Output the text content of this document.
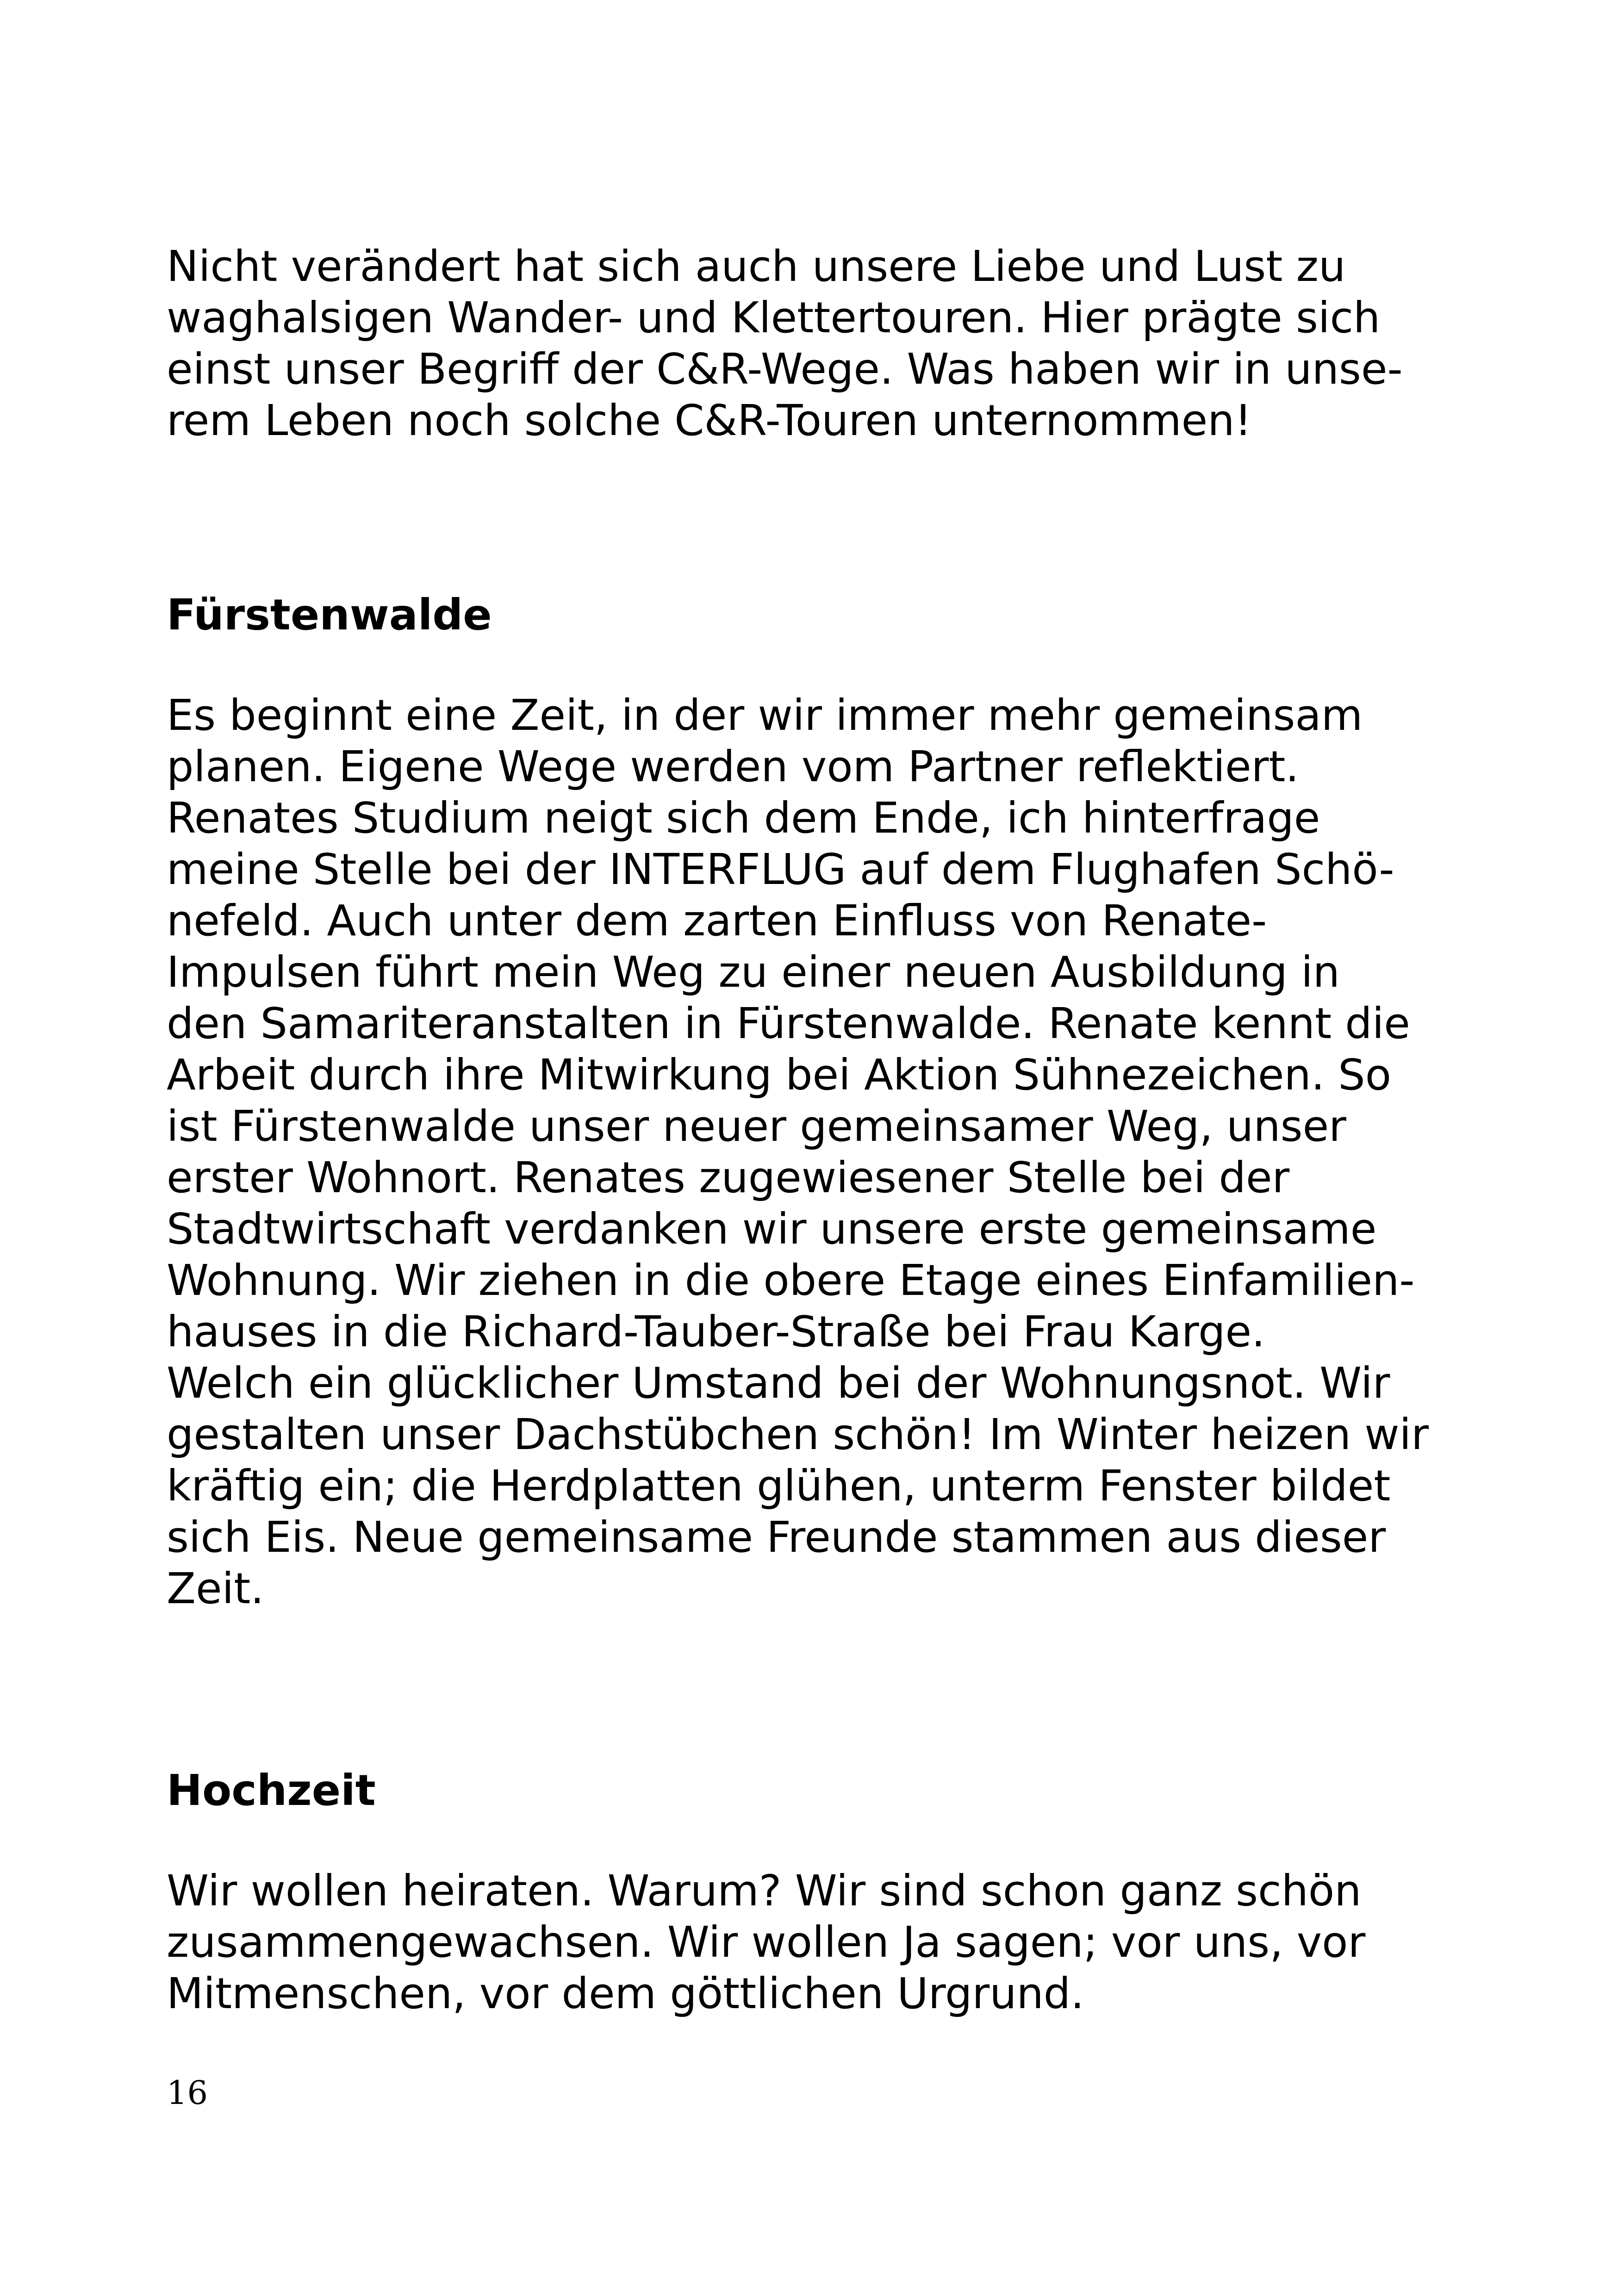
Nicht verändert hat sich auch unsere Liebe und Lust zu
waghalsigen Wander- und Klettertouren. Hier prägte sich
einst unser Begriff der C&R-Wege. Was haben wir in unse-
rem Leben noch solche C&R-Touren unternommen!
Fürstenwalde
Es beginnt eine Zeit, in der wir immer mehr gemeinsam
planen. Eigene Wege werden vom Partner reflektiert.
Renates Studium neigt sich dem Ende, ich hinterfrage
meine Stelle bei der INTERFLUG auf dem Flughafen Schö-
nefeld. Auch unter dem zarten Einfluss von Renate-
Impulsen führt mein Weg zu einer neuen Ausbildung in
den Samariteranstalten in Fürstenwalde. Renate kennt die
Arbeit durch ihre Mitwirkung bei Aktion Sühnezeichen. So
ist Fürstenwalde unser neuer gemeinsamer Weg, unser
erster Wohnort. Renates zugewiesener Stelle bei der
Stadtwirtschaft verdanken wir unsere erste gemeinsame
Wohnung. Wir ziehen in die obere Etage eines Einfamilien-
hauses in die Richard-Tauber-Straße bei Frau Karge.
Welch ein glücklicher Umstand bei der Wohnungsnot. Wir
gestalten unser Dachstübchen schön! Im Winter heizen wir
kräftig ein; die Herdplatten glühen, unterm Fenster bildet
sich Eis. Neue gemeinsame Freunde stammen aus dieser
Zeit.
Hochzeit
Wir wollen heiraten. Warum? Wir sind schon ganz schön
zusammengewachsen. Wir wollen Ja sagen; vor uns, vor
Mitmenschen, vor dem göttlichen Urgrund.

16
